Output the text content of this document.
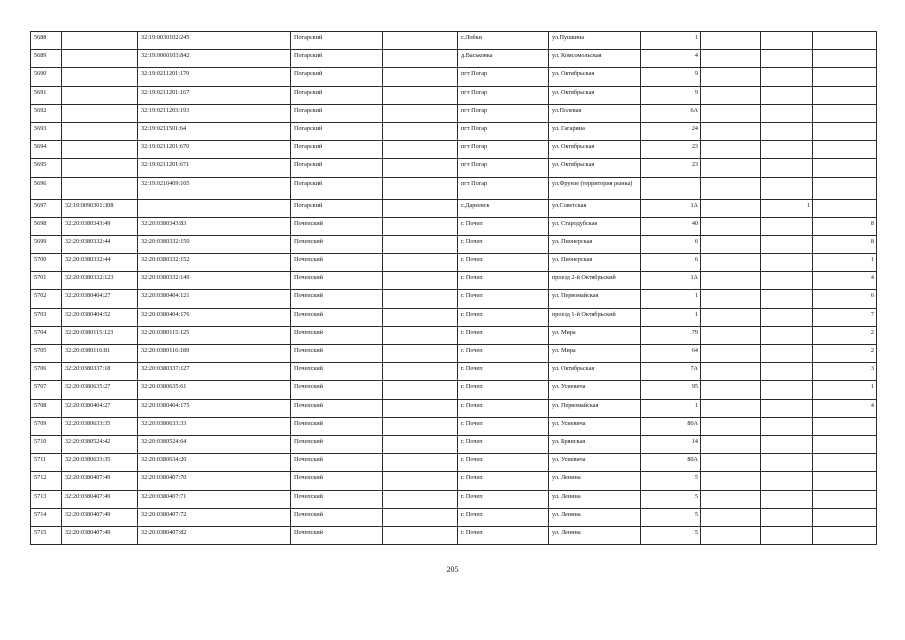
5688		32:19:0030102:245	Погарский		с.Лобки	ул.Пушкина	1			
5689		32:19:0060103:842	Погарский		д.Васьковка	ул. Комсомольская	4			
5690		32:19:0211201:170	Погарский		пгт Погар	ул. Октябрьская	9			
5691		32:19:0211201:167	Погарский		пгт Погар	ул. Октябрьская	9			
5692		32:19:0211203:193	Погарский		пгт Погар	ул.Полевая	6А			
5693		32:19:0211501:64	Погарский		пгт Погар	ул. Гагарина	24			
5694		32:19:0211201:670	Погарский		пгт Погар	ул. Октябрьская	23			
5695		32:19:0211201:671	Погарский		пгт Погар	ул. Октябрьская	23			
5696		32:19:0210409:105	Погарский		пгт Погар	ул.Фрунзе (территория рынка)				
5697	32:19:0090301:308		Погарский		с.Дареевск	ул.Советская	1А		1	
5698	32:20:0380343:49	32:20:0380343:83	Почепский		г. Почеп	ул. Стародубская	40			8
5699	32:20:0380332:44	32:20:0380332:150	Почепский		г. Почеп	ул. Пионерская	6			8
5700	32:20:0380332:44	32:20:0380332:152	Почепский		г. Почеп	ул. Пионерская	6			1
5701	32:20:0380332:123	32:20:0380332:149	Почепский		г. Почеп	проезд 2-й Октябрьский	1А			4
5702	32:20:0380404:27	32:20:0380404:121	Почепский		г. Почеп	ул. Первомайская	1			6
5703	32:20:0380404:52	32:20:0380404:176	Почепский		г. Почеп	проезд 1-й Октябрьский	1			7
5704	32:20:0380115:123	32:20:0380115:125	Почепский		г. Почеп	ул. Мира	79			2
5705	32:20:0380116:81	32:20:0380116:189	Почепский		г. Почеп	ул. Мира	64			2
5706	32:20:0380337:18	32:20:0380337:127	Почепский		г. Почеп	ул. Октябрьская	7А			3
5707	32:20:0380635:27	32:20:0380635:61	Почепский		г. Почеп	ул. Усиевича	95			1
5708	32:20:0380404:27	32:20:0380404:175	Почепский		г. Почеп	ул. Первомайская	1			4
5709	32:20:0380633:35	32:20:0380633:33	Почепский		г. Почеп	ул. Усиевича	80А			
5710	32:20:0380524:42	32:20:0380524:64	Почепский		г. Почеп	ул. Брянская	14			
5711	32:20:0380633:35	32:20:0380634:20	Почепский		г. Почеп	ул. Усиевича	80А			
5712	32:20:0380407:49	32:20:0380407:70	Почепский		г. Почеп	ул. Ленина	5			
5713	32:20:0380407:49	32:20:0380407:71	Почепский		г. Почеп	ул. Ленина	5			
5714	32:20:0380407:49	32:20:0380407:72	Почепский		г. Почеп	ул. Ленина	5			
5715	32:20:0380407:49	32:20:0380407:82	Почепский		г. Почеп	ул. Ленина	5			
205
